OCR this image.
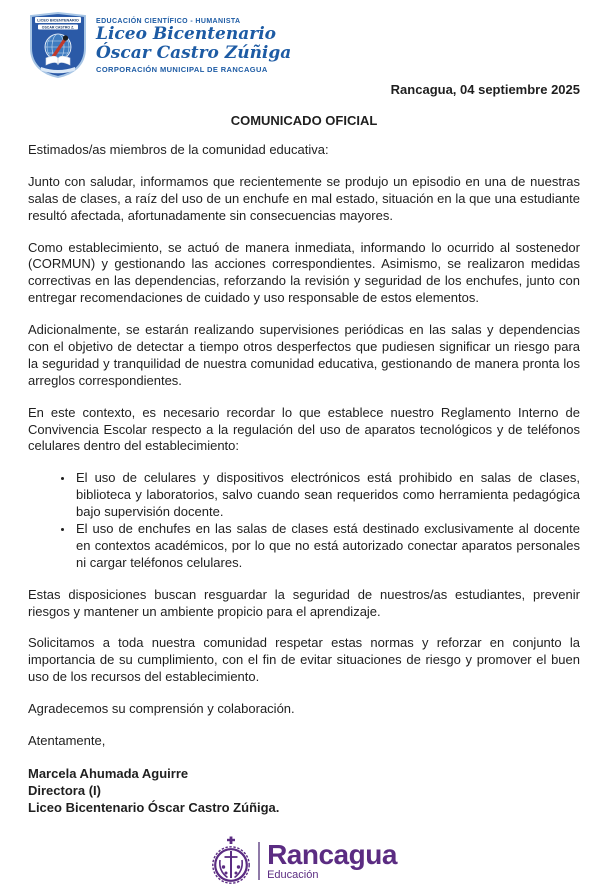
LICEO BICENTENARIO
OSCAR CASTRO Z.
EDUCACIÓN CIENTÍFICO - HUMANISTA
Liceo Bicentenario
Óscar Castro Zúñiga
CORPORACIÓN MUNICIPAL DE RANCAGUA
Rancagua, 04 septiembre 2025
COMUNICADO OFICIAL

Estimados/as miembros de la comunidad educativa:

Junto con saludar, informamos que recientemente se produjo un episodio en una de nuestras salas de clases, a raíz del uso de un enchufe en mal estado, situación en la que una estudiante resultó afectada, afortunadamente sin consecuencias mayores.

Como establecimiento, se actuó de manera inmediata, informando lo ocurrido al sostenedor (CORMUN) y gestionando las acciones correspondientes. Asimismo, se realizaron medidas correctivas en las dependencias, reforzando la revisión y seguridad de los enchufes, junto con entregar recomendaciones de cuidado y uso responsable de estos elementos.

Adicionalmente, se estarán realizando supervisiones periódicas en las salas y dependencias con el objetivo de detectar a tiempo otros desperfectos que pudiesen significar un riesgo para la seguridad y tranquilidad de nuestra comunidad educativa, gestionando de manera pronta los arreglos correspondientes.

En este contexto, es necesario recordar lo que establece nuestro Reglamento Interno de Convivencia Escolar respecto a la regulación del uso de aparatos tecnológicos y de teléfonos celulares dentro del establecimiento:

• El uso de celulares y dispositivos electrónicos está prohibido en salas de clases, biblioteca y laboratorios, salvo cuando sean requeridos como herramienta pedagógica bajo supervisión docente.
• El uso de enchufes en las salas de clases está destinado exclusivamente al docente en contextos académicos, por lo que no está autorizado conectar aparatos personales ni cargar teléfonos celulares.

Estas disposiciones buscan resguardar la seguridad de nuestros/as estudiantes, prevenir riesgos y mantener un ambiente propicio para el aprendizaje.

Solicitamos a toda nuestra comunidad respetar estas normas y reforzar en conjunto la importancia de su cumplimiento, con el fin de evitar situaciones de riesgo y promover el buen uso de los recursos del establecimiento.

Agradecemos su comprensión y colaboración.

Atentamente,

Marcela Ahumada Aguirre
Directora (I)
Liceo Bicentenario Óscar Castro Zúñiga.
Rancagua
Educación
